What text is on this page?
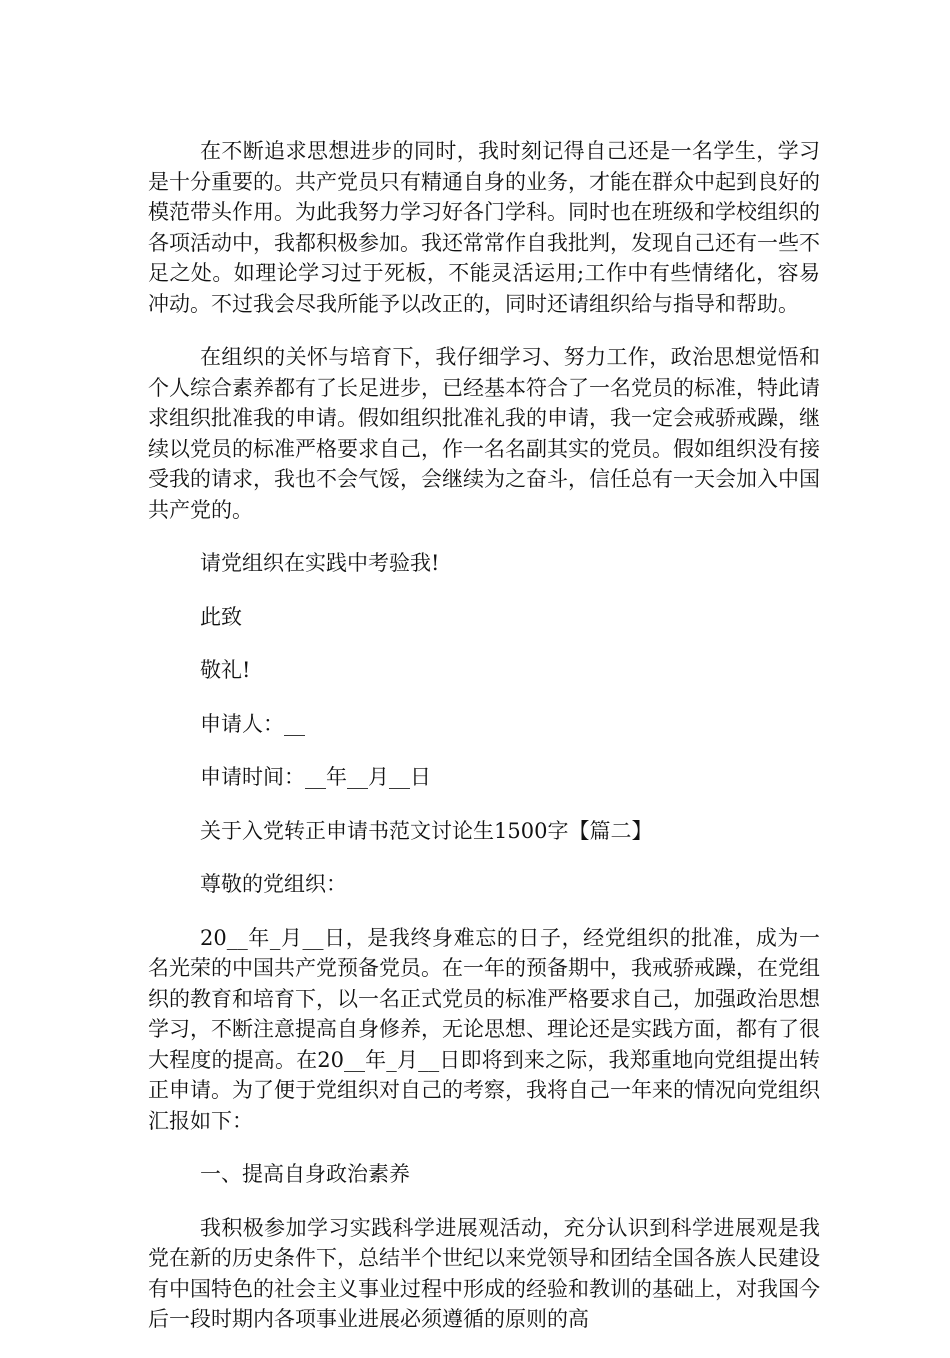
在不断追求思想进步的同时，我时刻记得自己还是一名学生，学习是十分重要的。共产党员只有精通自身的业务，才能在群众中起到良好的模范带头作用。为此我努力学习好各门学科。同时也在班级和学校组织的各项活动中，我都积极参加。我还常常作自我批判，发现自己还有一些不足之处。如理论学习过于死板，不能灵活运用;工作中有些情绪化，容易冲动。不过我会尽我所能予以改正的，同时还请组织给与指导和帮助。

在组织的关怀与培育下，我仔细学习、努力工作，政治思想觉悟和个人综合素养都有了长足进步，已经基本符合了一名党员的标准，特此请求组织批准我的申请。假如组织批准礼我的申请，我一定会戒骄戒躁，继续以党员的标准严格要求自己，作一名名副其实的党员。假如组织没有接受我的请求，我也不会气馁，会继续为之奋斗，信任总有一天会加入中国共产党的。

请党组织在实践中考验我!

此致

敬礼!

申请人：__

申请时间：__年__月__日

关于入党转正申请书范文讨论生1500字【篇二】

尊敬的党组织：

20__年_月__日，是我终身难忘的日子，经党组织的批准，成为一名光荣的中国共产党预备党员。在一年的预备期中，我戒骄戒躁，在党组织的教育和培育下，以一名正式党员的标准严格要求自己，加强政治思想学习，不断注意提高自身修养，无论思想、理论还是实践方面，都有了很大程度的提高。在20__年_月__日即将到来之际，我郑重地向党组提出转正申请。为了便于党组织对自己的考察，我将自己一年来的情况向党组织汇报如下：

一、提高自身政治素养

我积极参加学习实践科学进展观活动，充分认识到科学进展观是我党在新的历史条件下，总结半个世纪以来党领导和团结全国各族人民建设有中国特色的社会主义事业过程中形成的经验和教训的基础上，对我国今后一段时期内各项事业进展必须遵循的原则的高
